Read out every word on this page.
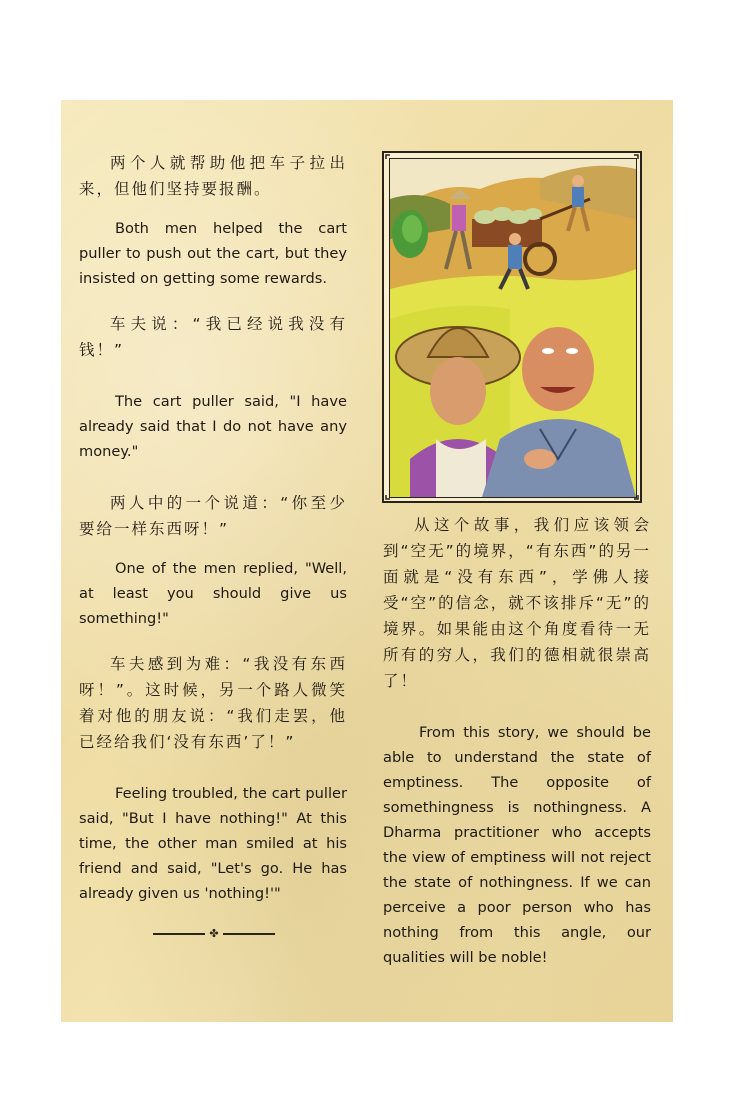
两个人就帮助他把车子拉出来，但他们坚持要报酬。

Both men helped the cart puller to push out the cart, but they insisted on getting some rewards.

车夫说：“我已经说我没有钱！”

The cart puller said, "I have already said that I do not have any money."

两人中的一个说道：“你至少要给一样东西呀！”

One of the men replied, "Well, at least you should give us something!"

车夫感到为难：“我没有东西呀！”。这时候，另一个路人微笑着对他的朋友说：“我们走罢，他已经给我们‘没有东西’了！”

Feeling troubled, the cart puller said, "But I have nothing!" At this time, the other man smiled at his friend and said, "Let's go. He has already given us 'nothing!'"

✤

从这个故事，我们应该领会到“空无”的境界，“有东西”的另一面就是“没有东西”，学佛人接受“空”的信念，就不该排斥“无”的境界。如果能由这个角度看待一无所有的穷人，我们的德相就很崇高了！

From this story, we should be able to understand the state of emptiness. The opposite of somethingness is nothingness. A Dharma practitioner who accepts the view of emptiness will not reject the state of nothingness. If we can perceive a poor person who has nothing from this angle, our qualities will be noble!
